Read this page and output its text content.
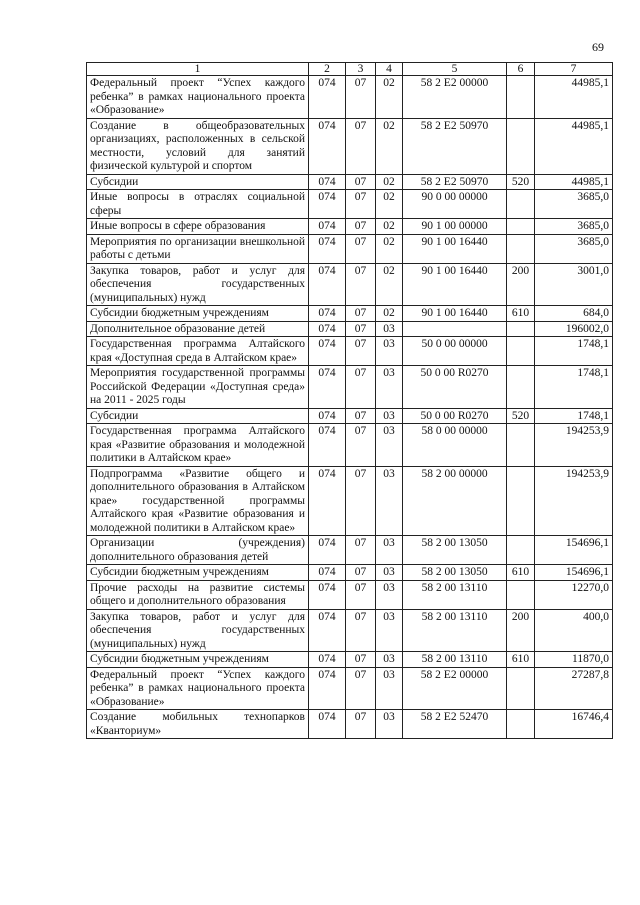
69
1	2	3	4	5	6	7
Федеральный проект “Успех каждого ребенка” в рамках национального проекта «Образование»	074	07	02	58 2 E2 00000		44985,1
Создание в общеобразовательных организациях, расположенных в сельской местности, условий для занятий физической культурой и спортом	074	07	02	58 2 E2 50970		44985,1
Субсидии	074	07	02	58 2 E2 50970	520	44985,1
Иные вопросы в отраслях социальной сферы	074	07	02	90 0 00 00000		3685,0
Иные вопросы в сфере образования	074	07	02	90 1 00 00000		3685,0
Мероприятия по организации внешкольной работы с детьми	074	07	02	90 1 00 16440		3685,0
Закупка товаров, работ и услуг для обеспечения государственных (муниципальных) нужд	074	07	02	90 1 00 16440	200	3001,0
Субсидии бюджетным учреждениям	074	07	02	90 1 00 16440	610	684,0
Дополнительное образование детей	074	07	03			196002,0
Государственная программа Алтайского края «Доступная среда в Алтайском крае»	074	07	03	50 0 00 00000		1748,1
Мероприятия государственной программы Российской Федерации «Доступная среда» на 2011 - 2025 годы	074	07	03	50 0 00 R0270		1748,1
Субсидии	074	07	03	50 0 00 R0270	520	1748,1
Государственная программа Алтайского края «Развитие образования и молодежной политики в Алтайском крае»	074	07	03	58 0 00 00000		194253,9
Подпрограмма «Развитие общего и дополнительного образования в Алтайском крае» государственной программы Алтайского края «Развитие образования и молодежной политики в Алтайском крае»	074	07	03	58 2 00 00000		194253,9
Организации (учреждения) дополнительного образования детей	074	07	03	58 2 00 13050		154696,1
Субсидии бюджетным учреждениям	074	07	03	58 2 00 13050	610	154696,1
Прочие расходы на развитие системы общего и дополнительного образования	074	07	03	58 2 00 13110		12270,0
Закупка товаров, работ и услуг для обеспечения государственных (муниципальных) нужд	074	07	03	58 2 00 13110	200	400,0
Субсидии бюджетным учреждениям	074	07	03	58 2 00 13110	610	11870,0
Федеральный проект “Успех каждого ребенка” в рамках национального проекта «Образование»	074	07	03	58 2 E2 00000		27287,8
Создание мобильных технопарков «Кванториум»	074	07	03	58 2 E2 52470		16746,4
